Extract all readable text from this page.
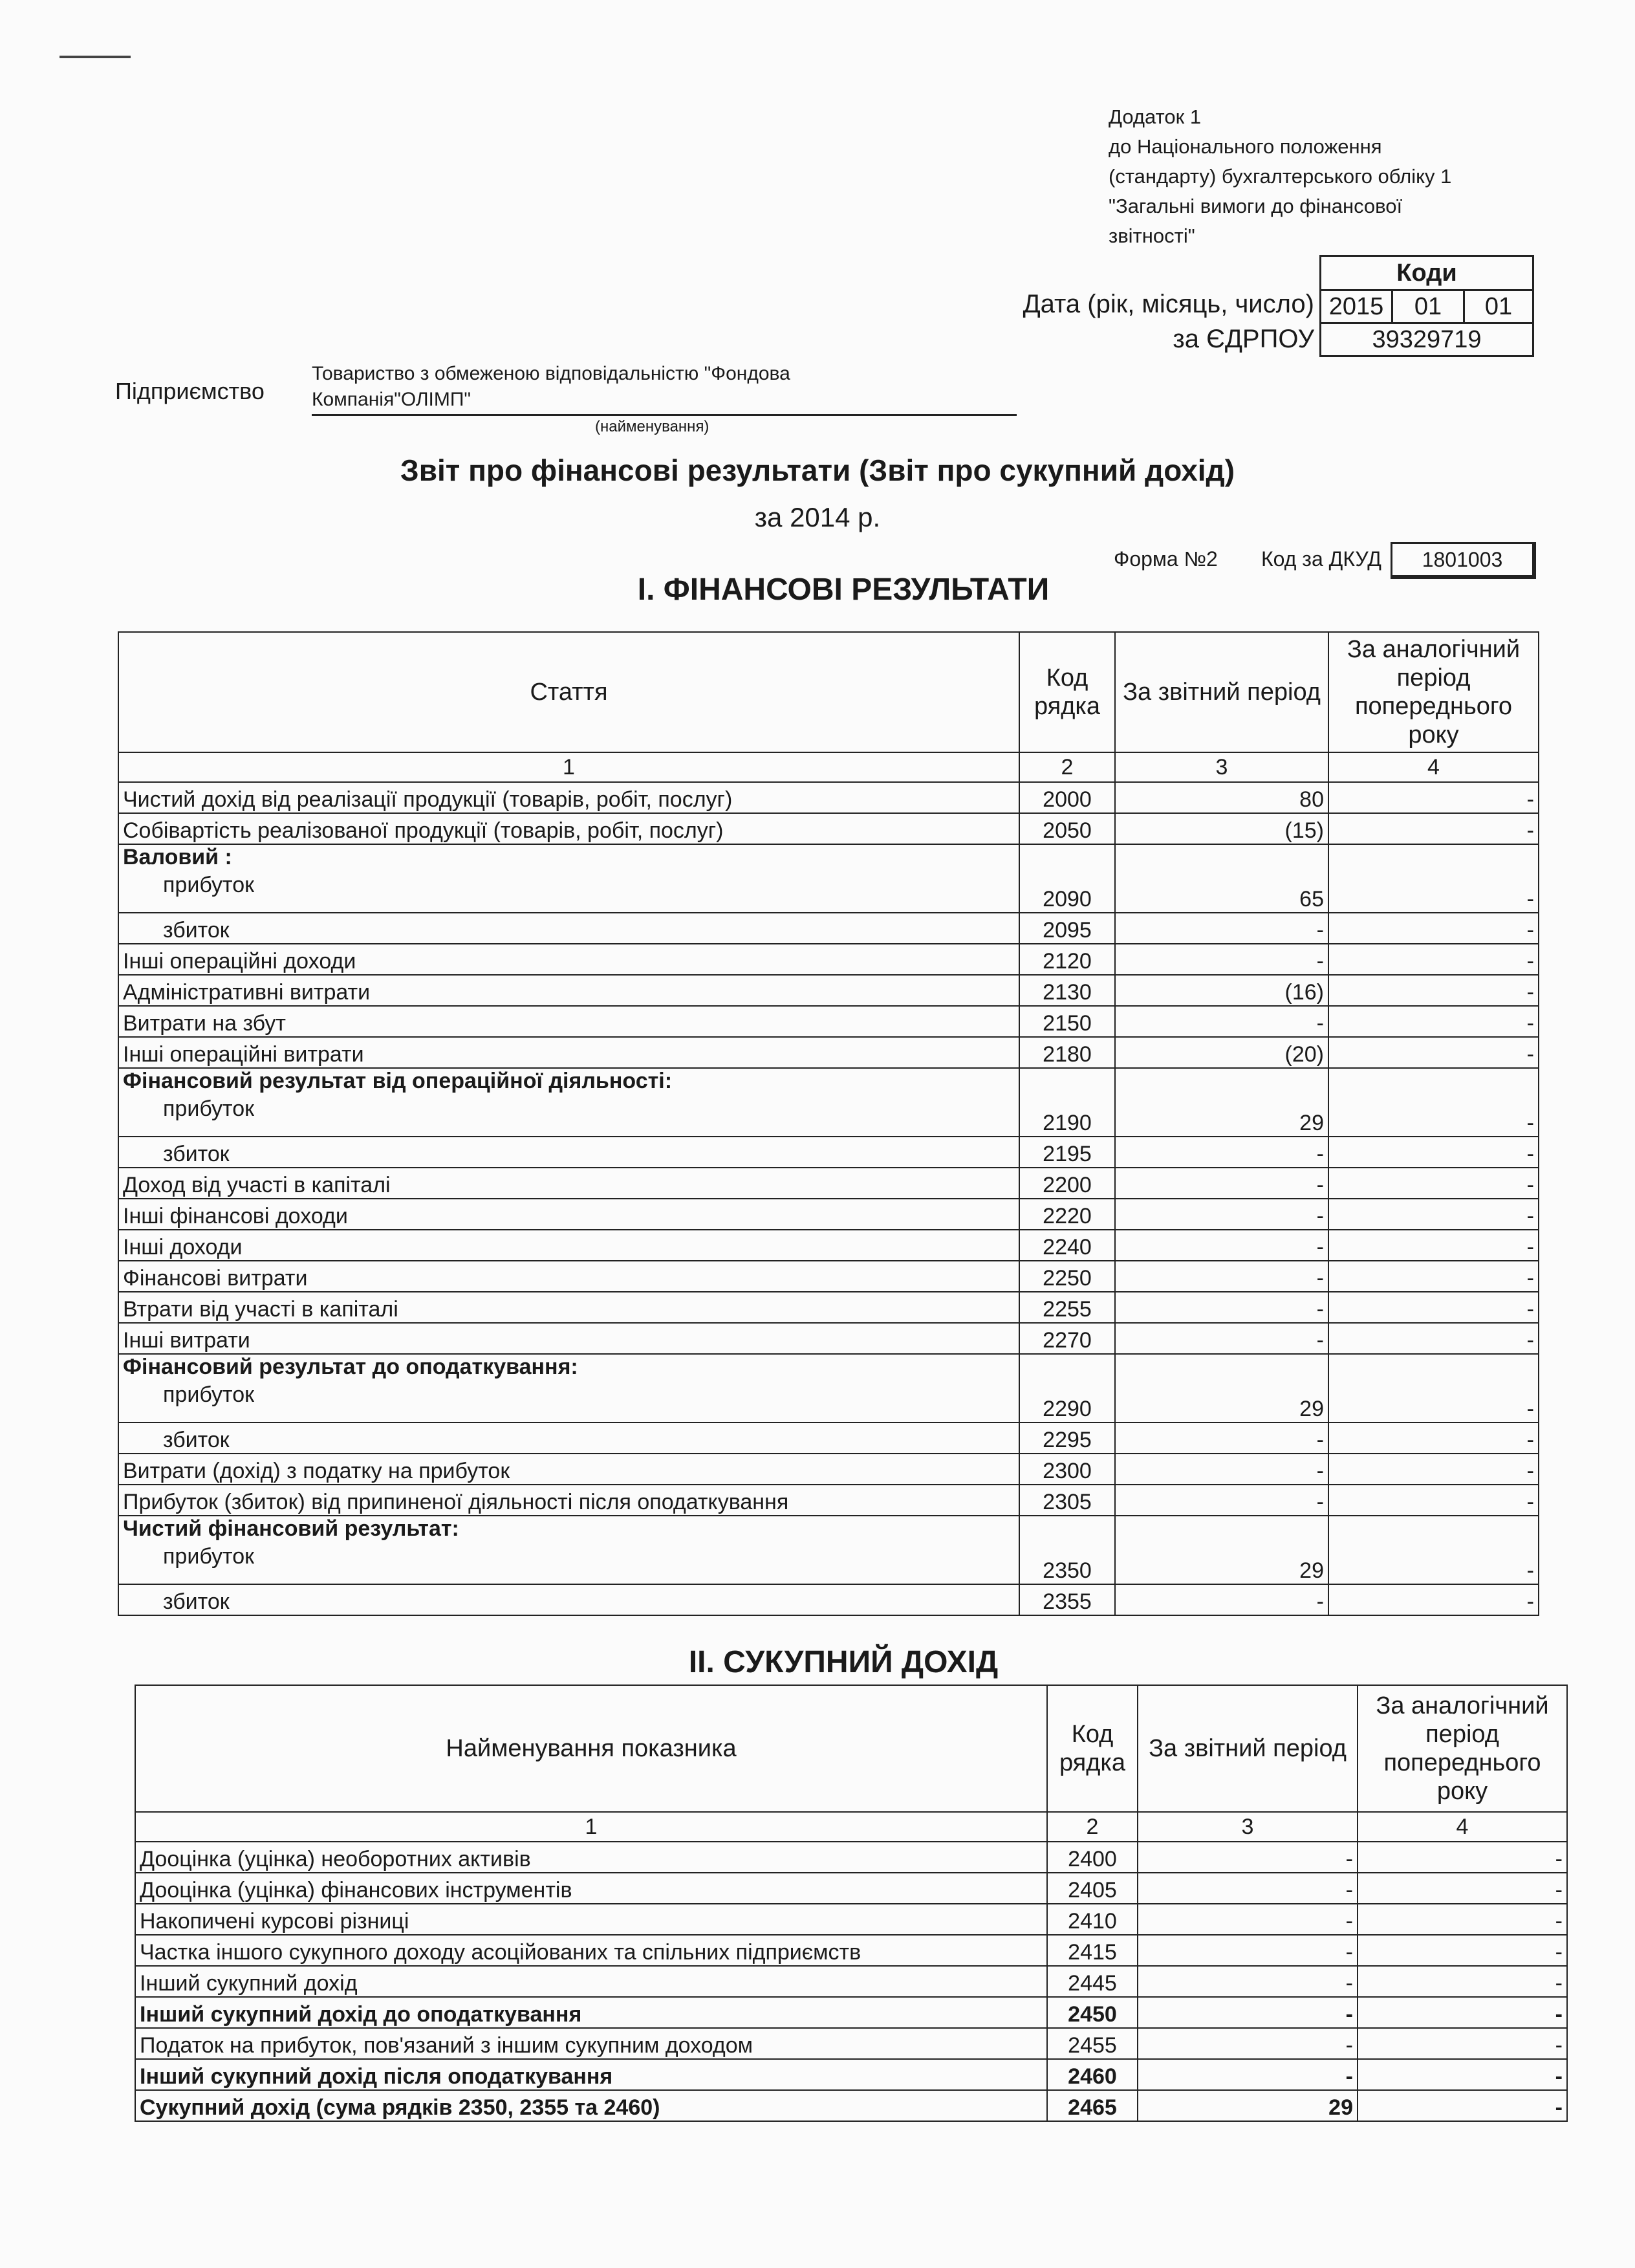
Додаток 1
до Національного положення
(стандарту) бухгалтерського обліку 1
"Загальні вимоги до фінансової
звітності"
Коди
2015	01	01
39329719
Дата (рік, місяць, число)
за ЄДРПОУ
Підприємство
Товариство з обмеженою відповідальністю "Фондова
Компанія"ОЛІМП"
(найменування)
Звіт про фінансові результати (Звіт про сукупний дохід)
за 2014 р.
Форма №2 Код за ДКУД	1801003
І. ФІНАНСОВІ РЕЗУЛЬТАТИ
Стаття	Код рядка	За звітний період	За аналогічний період попереднього року
1	2	3	4
Чистий дохід від реалізації продукції (товарів, робіт, послуг)	2000	80	-
Собівартість реалізованої продукції (товарів, робіт, послуг)	2050	(15)	-

Валовий :
прибуток	2090	65	-
збиток	2095	-	-
Інші операційні доходи	2120	-	-
Адміністративні витрати	2130	(16)	-
Витрати на збут	2150	-	-
Інші операційні витрати	2180	(20)	-

Фінансовий результат від операційної діяльності:
прибуток	2190	29	-
збиток	2195	-	-
Доход від участі в капіталі	2200	-	-
Інші фінансові доходи	2220	-	-
Інші доходи	2240	-	-
Фінансові витрати	2250	-	-
Втрати від участі в капіталі	2255	-	-
Інші витрати	2270	-	-

Фінансовий результат до оподаткування:
прибуток	2290	29	-
збиток	2295	-	-
Витрати (дохід) з податку на прибуток	2300	-	-
Прибуток (збиток) від припиненої діяльності після оподаткування	2305	-	-

Чистий фінансовий результат:
прибуток	2350	29	-
збиток	2355	-	-
ІІ. СУКУПНИЙ ДОХІД
Найменування показника	Код рядка	За звітний період	За аналогічний період попереднього року
1	2	3	4
Дооцінка (уцінка) необоротних активів	2400	-	-
Дооцінка (уцінка) фінансових інструментів	2405	-	-
Накопичені курсові різниці	2410	-	-
Частка іншого сукупного доходу асоційованих та спільних підприємств	2415	-	-
Інший сукупний дохід	2445	-	-
Інший сукупний дохід до оподаткування	2450	-	-
Податок на прибуток, пов'язаний з іншим сукупним доходом	2455	-	-
Інший сукупний дохід після оподаткування	2460	-	-
Сукупний дохід (сума рядків 2350, 2355 та 2460)	2465	29	-
